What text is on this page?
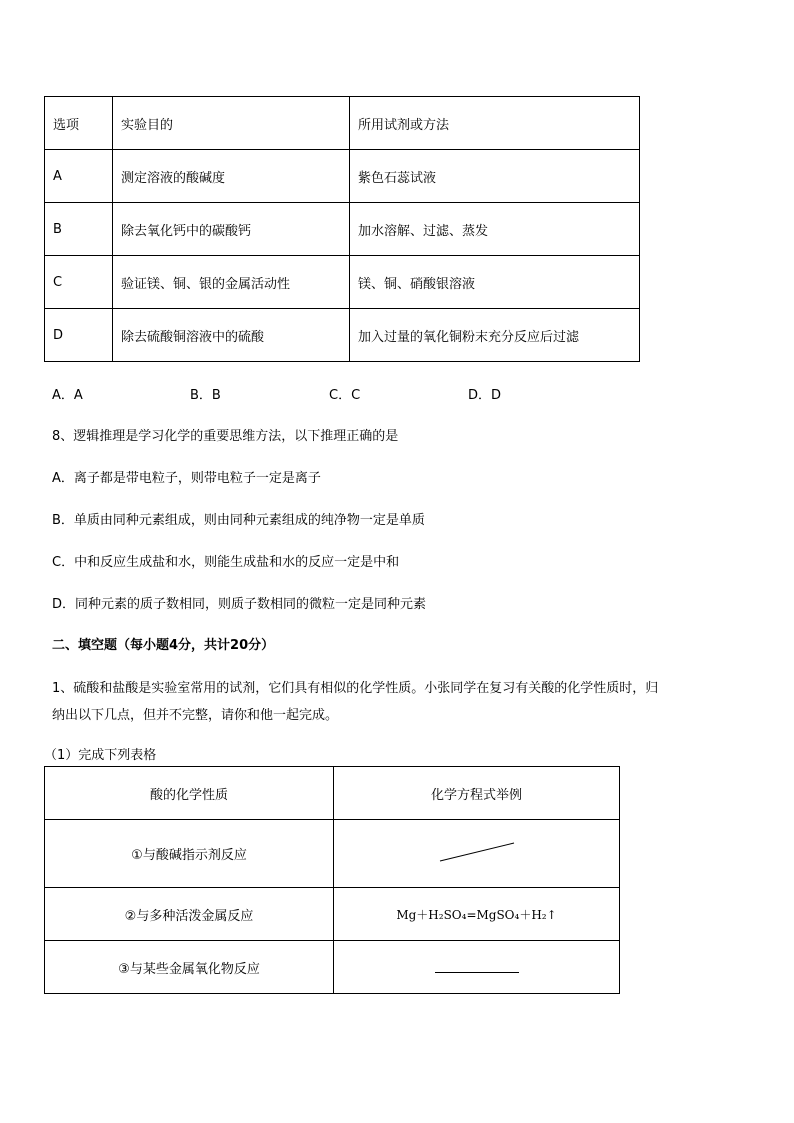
选项	实验目的	所用试剂或方法
A	测定溶液的酸碱度	紫色石蕊试液
B	除去氧化钙中的碳酸钙	加水溶解、过滤、蒸发
C	验证镁、铜、银的金属活动性	镁、铜、硝酸银溶液
D	除去硫酸铜溶液中的硫酸	加入过量的氧化铜粉末充分反应后过滤
A．A	B．B	C．C	D．D
8、逻辑推理是学习化学的重要思维方法，以下推理正确的是
A．离子都是带电粒子，则带电粒子一定是离子
B．单质由同种元素组成，则由同种元素组成的纯净物一定是单质
C．中和反应生成盐和水，则能生成盐和水的反应一定是中和
D．同种元素的质子数相同，则质子数相同的微粒一定是同种元素
二、填空题（每小题4分，共计20分）
1、硫酸和盐酸是实验室常用的试剂，它们具有相似的化学性质。小张同学在复习有关酸的化学性质时，归
纳出以下几点，但并不完整，请你和他一起完成。
（1）完成下列表格
酸的化学性质	化学方程式举例
①与酸碱指示剂反应	
②与多种活泼金属反应	Mg＋H₂SO₄=MgSO₄＋H₂↑
③与某些金属氧化物反应	
